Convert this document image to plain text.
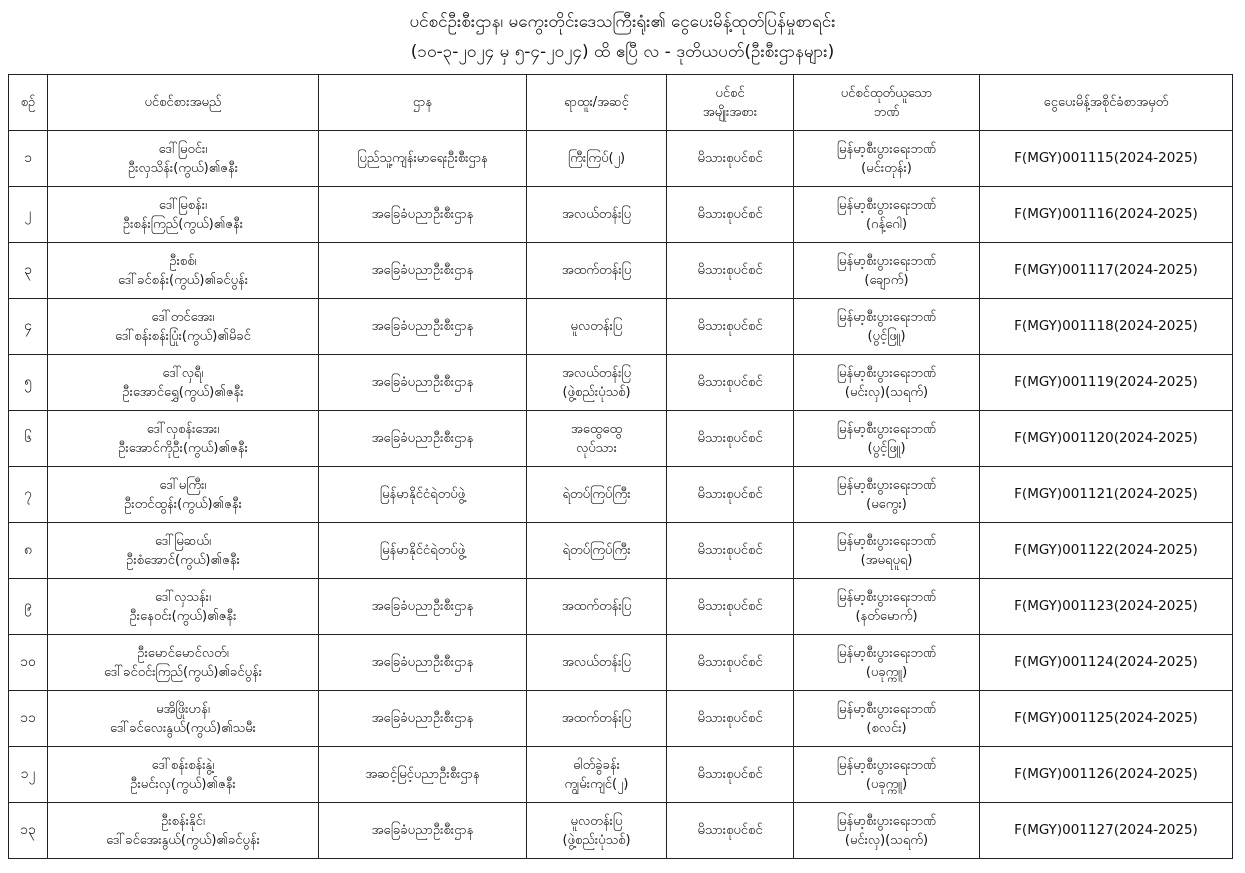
ပင်စင်ဦးစီးဌာန၊ မကွေးတိုင်းဒေသကြီးရုံး၏ ငွေပေးမိန့်ထုတ်ပြန်မှုစာရင်း
(၁၀-၃-၂၀၂၄ မှ ၅-၄-၂၀၂၄) ထိ ဧပြီ လ - ဒုတိယပတ်(ဦးစီးဌာနများ)
စဉ်	ပင်စင်စားအမည်	ဌာန	ရာထူး/အဆင့်	ပင်စင်
အမျိုးအစား	ပင်စင်ထုတ်ယူသော
ဘဏ်	ငွေပေးမိန့်အစိုင်ခံစာအမှတ်
၁	ဒေါ်မြဝင်း၊
ဦးလှသိန်း(ကွယ်)၏ဇနီး	ပြည်သူ့ကျန်းမာရေးဦးစီးဌာန	ကြီးကြပ်(၂)	မိသားစုပင်စင်	မြန်မာ့စီးပွားရေးဘဏ်
(မင်းတုန်း)	F(MGY)001115(2024-2025)
၂	ဒေါ်မြစန်း၊
ဦးစန်းကြည်(ကွယ်)၏ဇနီး	အခြေခံပညာဦးစီးဌာန	အလယ်တန်းပြ	မိသားစုပင်စင်	မြန်မာ့စီးပွားရေးဘဏ်
(ဂန့်ဂေါ)	F(MGY)001116(2024-2025)
၃	ဦးစစ်၊
ဒေါ်ခင်စန်း(ကွယ်)၏ခင်ပွန်း	အခြေခံပညာဦးစီးဌာန	အထက်တန်းပြ	မိသားစုပင်စင်	မြန်မာ့စီးပွားရေးဘဏ်
(ချောက်)	F(MGY)001117(2024-2025)
၄	ဒေါ်တင်အေး၊
ဒေါ်စန်းစန်းပြုံး(ကွယ်)၏မိခင်	အခြေခံပညာဦးစီးဌာန	မူလတန်းပြ	မိသားစုပင်စင်	မြန်မာ့စီးပွားရေးဘဏ်
(ပွင့်ဖြူ)	F(MGY)001118(2024-2025)
၅	ဒေါ်လှရီ၊
ဦးအောင်ရွှေ(ကွယ်)၏ဇနီး	အခြေခံပညာဦးစီးဌာန	အလယ်တန်းပြ
(ဖွဲ့စည်းပုံသစ်)	မိသားစုပင်စင်	မြန်မာ့စီးပွားရေးဘဏ်
(မင်းလှ)(သရက်)	F(MGY)001119(2024-2025)
၆	ဒေါ်လှစန်းအေး၊
ဦးအောင်ကိုဦး(ကွယ်)၏ဇနီး	အခြေခံပညာဦးစီးဌာန	အထွေထွေ
လုပ်သား	မိသားစုပင်စင်	မြန်မာ့စီးပွားရေးဘဏ်
(ပွင့်ဖြူ)	F(MGY)001120(2024-2025)
၇	ဒေါ်မကြီး၊
ဦးတင်ထွန်း(ကွယ်)၏ဇနီး	မြန်မာနိုင်ငံရဲတပ်ဖွဲ့	ရဲတပ်ကြပ်ကြီး	မိသားစုပင်စင်	မြန်မာ့စီးပွားရေးဘဏ်
(မကွေး)	F(MGY)001121(2024-2025)
၈	ဒေါ်မြဆယ်၊
ဦးစံအောင်(ကွယ်)၏ဇနီး	မြန်မာနိုင်ငံရဲတပ်ဖွဲ့	ရဲတပ်ကြပ်ကြီး	မိသားစုပင်စင်	မြန်မာ့စီးပွားရေးဘဏ်
(အမရပူရ)	F(MGY)001122(2024-2025)
၉	ဒေါ်လှသန်း၊
ဦးနေဝင်း(ကွယ်)၏ဇနီး	အခြေခံပညာဦးစီးဌာန	အထက်တန်းပြ	မိသားစုပင်စင်	မြန်မာ့စီးပွားရေးဘဏ်
(နတ်မောက်)	F(MGY)001123(2024-2025)
၁၀	ဦးမောင်မောင်လတ်၊
ဒေါ်ခင်ဝင်းကြည်(ကွယ်)၏ခင်ပွန်း	အခြေခံပညာဦးစီးဌာန	အလယ်တန်းပြ	မိသားစုပင်စင်	မြန်မာ့စီးပွားရေးဘဏ်
(ပခုက္ကူ)	F(MGY)001124(2024-2025)
၁၁	မအိဖြိုးဟန်၊
ဒေါ်ခင်လေးနွယ်(ကွယ်)၏သမီး	အခြေခံပညာဦးစီးဌာန	အထက်တန်းပြ	မိသားစုပင်စင်	မြန်မာ့စီးပွားရေးဘဏ်
(စလင်း)	F(MGY)001125(2024-2025)
၁၂	ဒေါ်စန်းစန်းနွဲ့၊
ဦးမင်းလှ(ကွယ်)၏ဇနီး	အဆင့်မြင့်ပညာဦးစီးဌာန	ဓါတ်ခွဲခန်း
ကျွမ်းကျင်(၂)	မိသားစုပင်စင်	မြန်မာ့စီးပွားရေးဘဏ်
(ပခုက္ကူ)	F(MGY)001126(2024-2025)
၁၃	ဦးစန်းနိုင်၊
ဒေါ်ခင်အေးနွယ်(ကွယ်)၏ခင်ပွန်း	အခြေခံပညာဦးစီးဌာန	မူလတန်းပြ
(ဖွဲ့စည်းပုံသစ်)	မိသားစုပင်စင်	မြန်မာ့စီးပွားရေးဘဏ်
(မင်းလှ)(သရက်)	F(MGY)001127(2024-2025)
